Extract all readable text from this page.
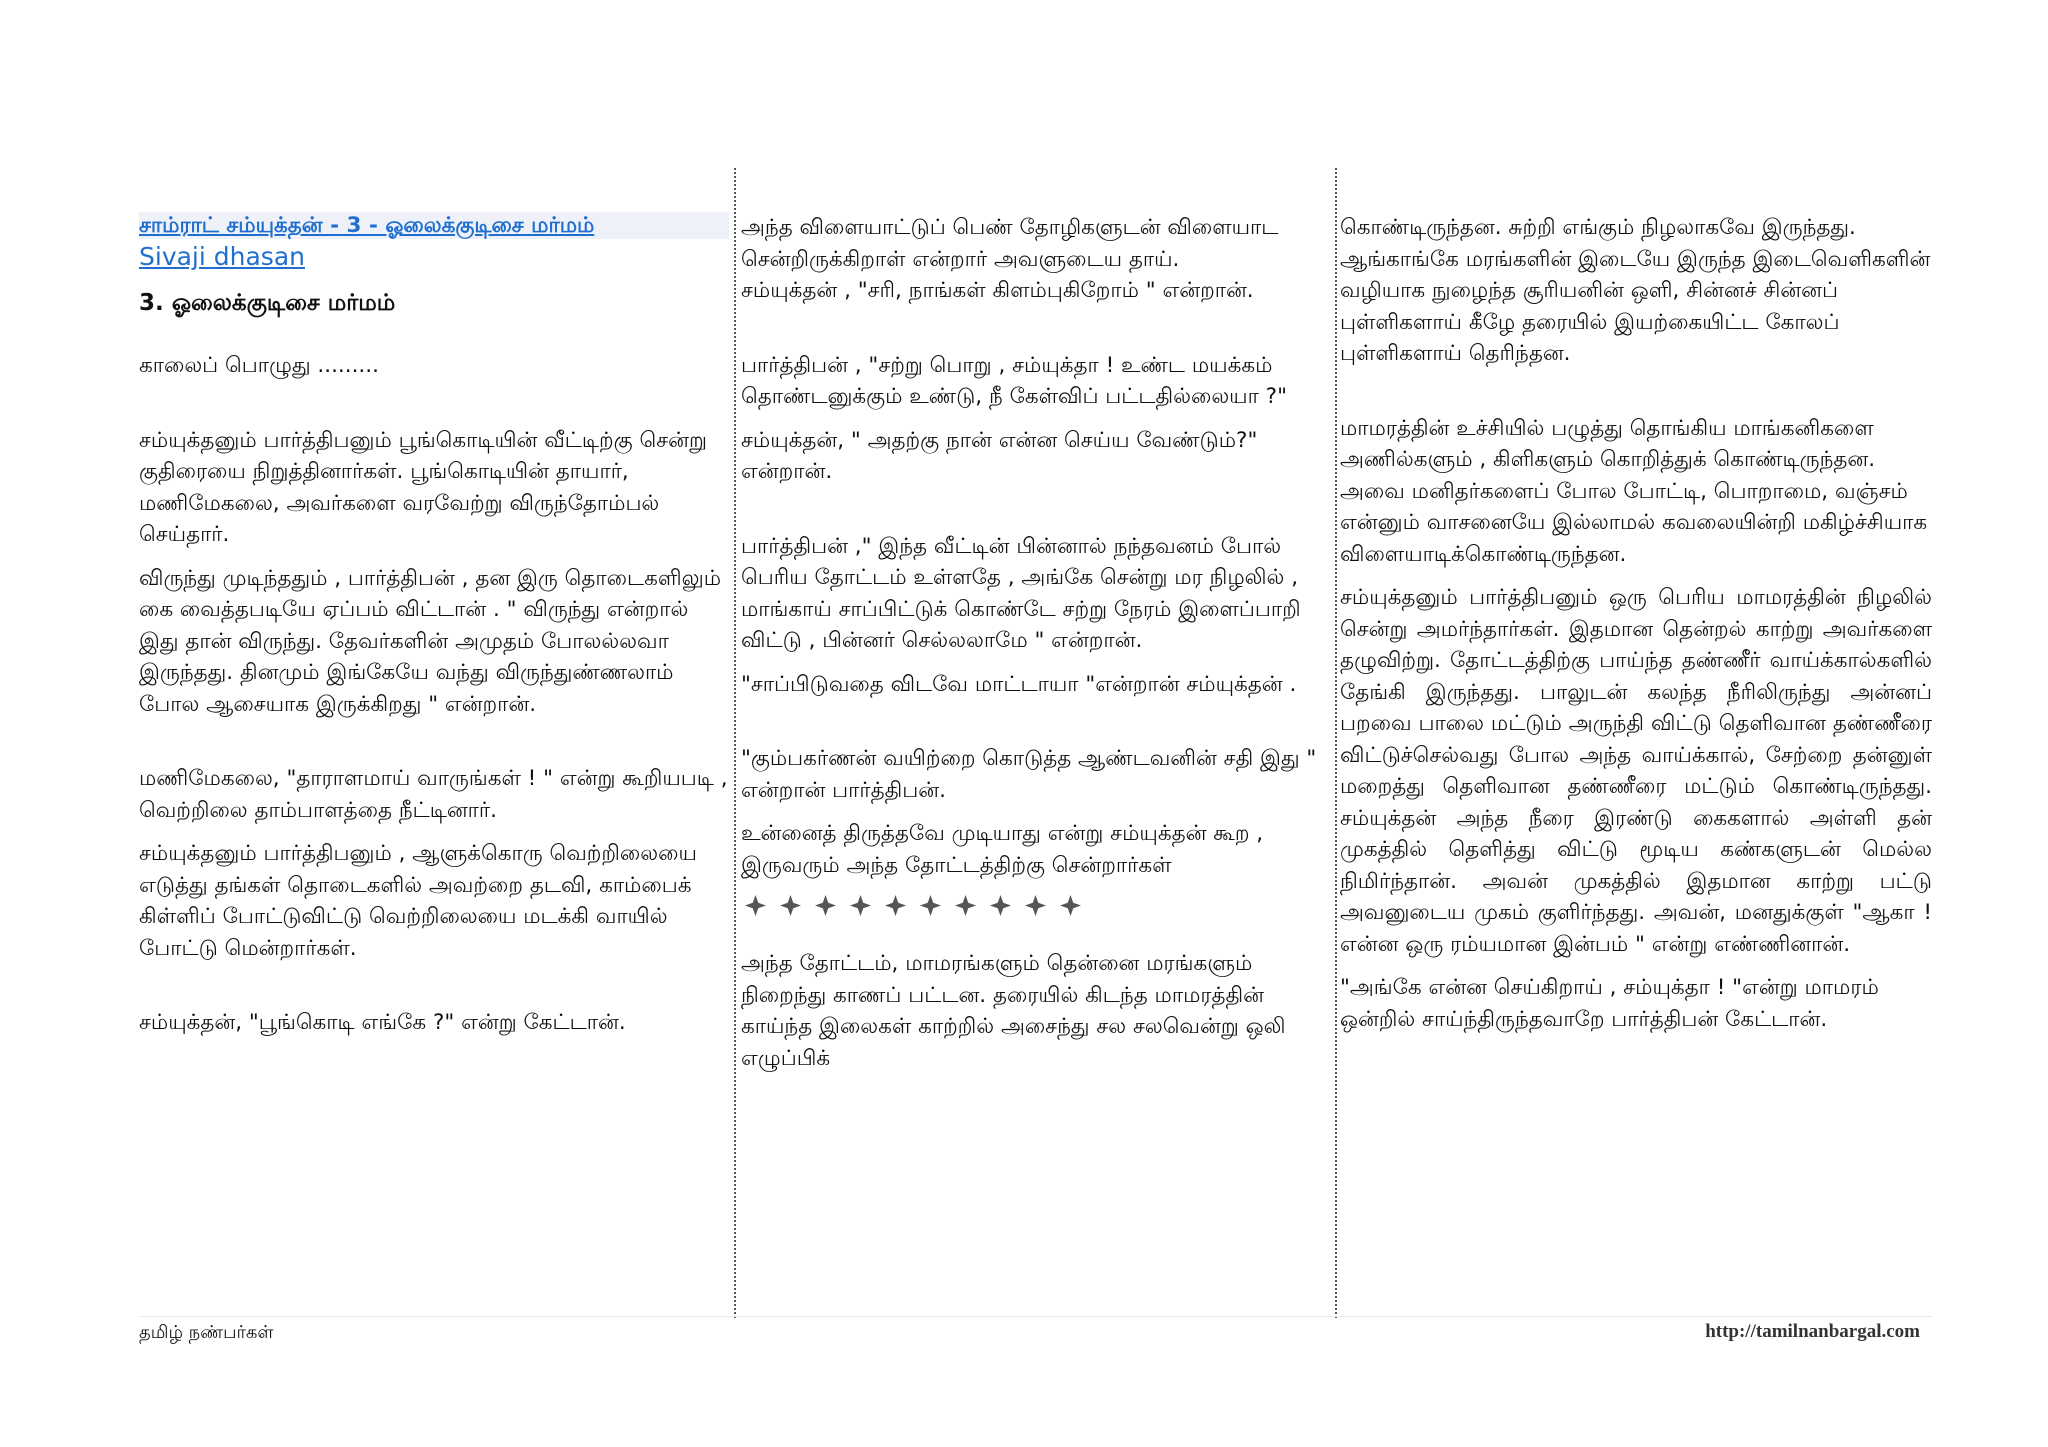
சாம்ராட் சம்யுக்தன் - 3 - ஓலைக்குடிசை மர்மம்
Sivaji dhasan
3. ஓலைக்குடிசை மர்மம்

காலைப் பொழுது .........

சம்யுக்தனும் பார்த்திபனும் பூங்கொடியின் வீட்டிற்கு சென்று குதிரையை நிறுத்தினார்கள். பூங்கொடியின் தாயார், மணிமேகலை, அவர்களை வரவேற்று விருந்தோம்பல் செய்தார்.

விருந்து முடிந்ததும் , பார்த்திபன் , தன இரு தொடைகளிலும் கை வைத்தபடியே ஏப்பம் விட்டான் . " விருந்து என்றால் இது தான் விருந்து. தேவர்களின் அமுதம் போலல்லவா இருந்தது. தினமும் இங்கேயே வந்து விருந்துண்ணலாம் போல ஆசையாக இருக்கிறது " என்றான்.

மணிமேகலை, "தாராளமாய் வாருங்கள் ! " என்று கூறியபடி , வெற்றிலை தாம்பாளத்தை நீட்டினார்.

சம்யுக்தனும் பார்த்திபனும் , ஆளுக்கொரு வெற்றிலையை எடுத்து தங்கள் தொடைகளில் அவற்றை தடவி, காம்பைக் கிள்ளிப் போட்டுவிட்டு வெற்றிலையை மடக்கி வாயில் போட்டு மென்றார்கள்.

சம்யுக்தன், "பூங்கொடி எங்கே ?" என்று கேட்டான்.

அந்த விளையாட்டுப் பெண் தோழிகளுடன் விளையாட சென்றிருக்கிறாள் என்றார் அவளுடைய தாய்.

சம்யுக்தன் , "சரி, நாங்கள் கிளம்புகிறோம் " என்றான்.

பார்த்திபன் , "சற்று பொறு , சம்யுக்தா ! உண்ட மயக்கம் தொண்டனுக்கும் உண்டு, நீ கேள்விப் பட்டதில்லையா ?"

சம்யுக்தன், " அதற்கு நான் என்ன செய்ய வேண்டும்?" என்றான்.

பார்த்திபன் ," இந்த வீட்டின் பின்னால் நந்தவனம் போல் பெரிய தோட்டம் உள்ளதே , அங்கே சென்று மர நிழலில் , மாங்காய் சாப்பிட்டுக் கொண்டே சற்று நேரம் இளைப்பாறி விட்டு , பின்னர் செல்லலாமே " என்றான்.

"சாப்பிடுவதை விடவே மாட்டாயா "என்றான் சம்யுக்தன் .

"கும்பகர்ணன் வயிற்றை கொடுத்த ஆண்டவனின் சதி இது " என்றான் பார்த்திபன்.

உன்னைத் திருத்தவே முடியாது என்று சம்யுக்தன் கூற , இருவரும் அந்த தோட்டத்திற்கு சென்றார்கள்

அந்த தோட்டம், மாமரங்களும் தென்னை மரங்களும் நிறைந்து காணப் பட்டன. தரையில் கிடந்த மாமரத்தின் காய்ந்த இலைகள் காற்றில் அசைந்து சல சலவென்று ஒலி எழுப்பிக்

கொண்டிருந்தன. சுற்றி எங்கும் நிழலாகவே இருந்தது. ஆங்காங்கே மரங்களின் இடையே இருந்த இடைவெளிகளின் வழியாக நுழைந்த சூரியனின் ஒளி, சின்னச் சின்னப் புள்ளிகளாய் கீழே தரையில் இயற்கையிட்ட கோலப் புள்ளிகளாய் தெரிந்தன.

மாமரத்தின் உச்சியில் பழுத்து தொங்கிய மாங்கனிகளை அணில்களும் , கிளிகளும் கொறித்துக் கொண்டிருந்தன. அவை மனிதர்களைப் போல போட்டி, பொறாமை, வஞ்சம் என்னும் வாசனையே இல்லாமல் கவலையின்றி மகிழ்ச்சியாக விளையாடிக்கொண்டிருந்தன.

சம்யுக்தனும் பார்த்திபனும் ஒரு பெரிய மாமரத்தின் நிழலில் சென்று அமர்ந்தார்கள். இதமான தென்றல் காற்று அவர்களை தழுவிற்று. தோட்டத்திற்கு பாய்ந்த தண்ணீர் வாய்க்கால்களில் தேங்கி இருந்தது. பாலுடன் கலந்த நீரிலிருந்து அன்னப் பறவை பாலை மட்டும் அருந்தி விட்டு தெளிவான தண்ணீரை விட்டுச்செல்வது போல அந்த வாய்க்கால், சேற்றை தன்னுள் மறைத்து தெளிவான தண்ணீரை மட்டும் கொண்டிருந்தது. சம்யுக்தன் அந்த நீரை இரண்டு கைகளால் அள்ளி தன் முகத்தில் தெளித்து விட்டு மூடிய கண்களுடன் மெல்ல நிமிர்ந்தான். அவன் முகத்தில் இதமான காற்று பட்டு அவனுடைய முகம் குளிர்ந்தது. அவன், மனதுக்குள் "ஆகா ! என்ன ஒரு ரம்யமான இன்பம் " என்று எண்ணினான்.

"அங்கே என்ன செய்கிறாய் , சம்யுக்தா ! "என்று மாமரம் ஒன்றில் சாய்ந்திருந்தவாறே பார்த்திபன் கேட்டான்.

தமிழ் நண்பர்கள்	http://tamilnanbargal.com
